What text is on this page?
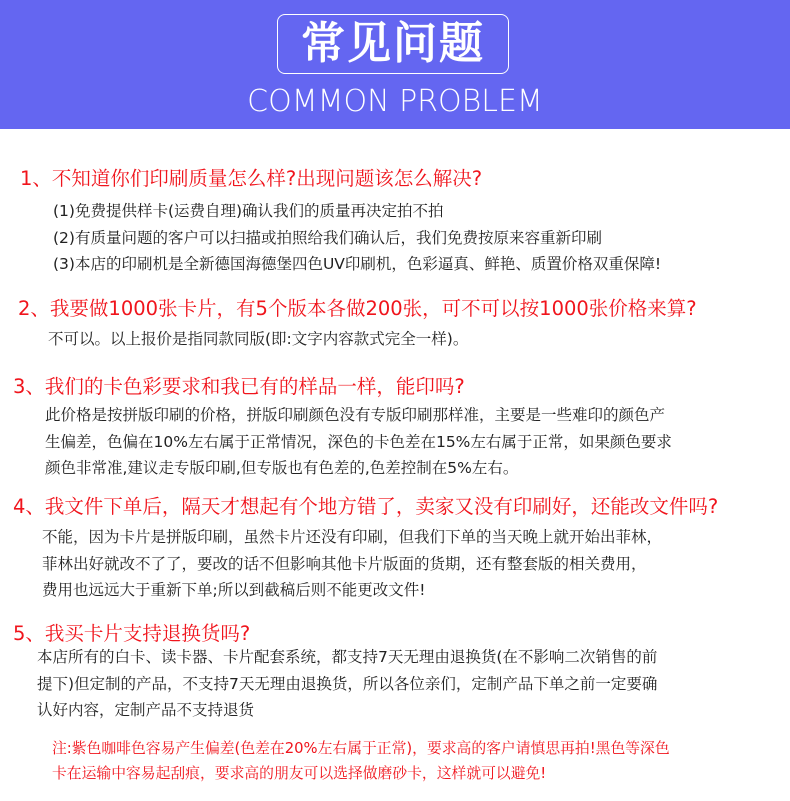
常见问题
COMMON PROBLEM
1、不知道你们印刷质量怎么样?出现问题该怎么解决?
(1)免费提供样卡(运费自理)确认我们的质量再决定拍不拍
(2)有质量问题的客户可以扫描或拍照给我们确认后，我们免费按原来容重新印刷
(3)本店的印刷机是全新德国海德堡四色UV印刷机，色彩逼真、鲜艳、质置价格双重保障!
2、我要做1000张卡片，有5个版本各做200张，可不可以按1000张价格来算?
不可以。以上报价是指同款同版(即:文字内容款式完全一样)。
3、我们的卡色彩要求和我已有的样品一样，能印吗?
此价格是按拼版印刷的价格，拼版印刷颜色没有专版印刷那样准，主要是一些难印的颜色产
生偏差，色偏在10%左右属于正常情况，深色的卡色差在15%左右属于正常，如果颜色要求
颜色非常准,建议走专版印刷,但专版也有色差的,色差控制在5%左右。
4、我文件下单后，隔天才想起有个地方错了，卖家又没有印刷好，还能改文件吗?
不能，因为卡片是拼版印刷，虽然卡片还没有印刷，但我们下单的当天晚上就开始出菲林，
菲林出好就改不了了，要改的话不但影响其他卡片版面的货期，还有整套版的相关费用，
费用也远远大于重新下单;所以到截稿后则不能更改文件!
5、我买卡片支持退换货吗?
本店所有的白卡、读卡器、卡片配套系统，都支持7天无理由退换货(在不影响二次销售的前
提下)但定制的产品，不支持7天无理由退换货，所以各位亲们，定制产品下单之前一定要确
认好内容，定制产品不支持退货
注:紫色咖啡色容易产生偏差(色差在20%左右属于正常)，要求高的客户请慎思再拍!黑色等深色
卡在运输中容易起刮痕，要求高的朋友可以选择做磨砂卡，这样就可以避免!
